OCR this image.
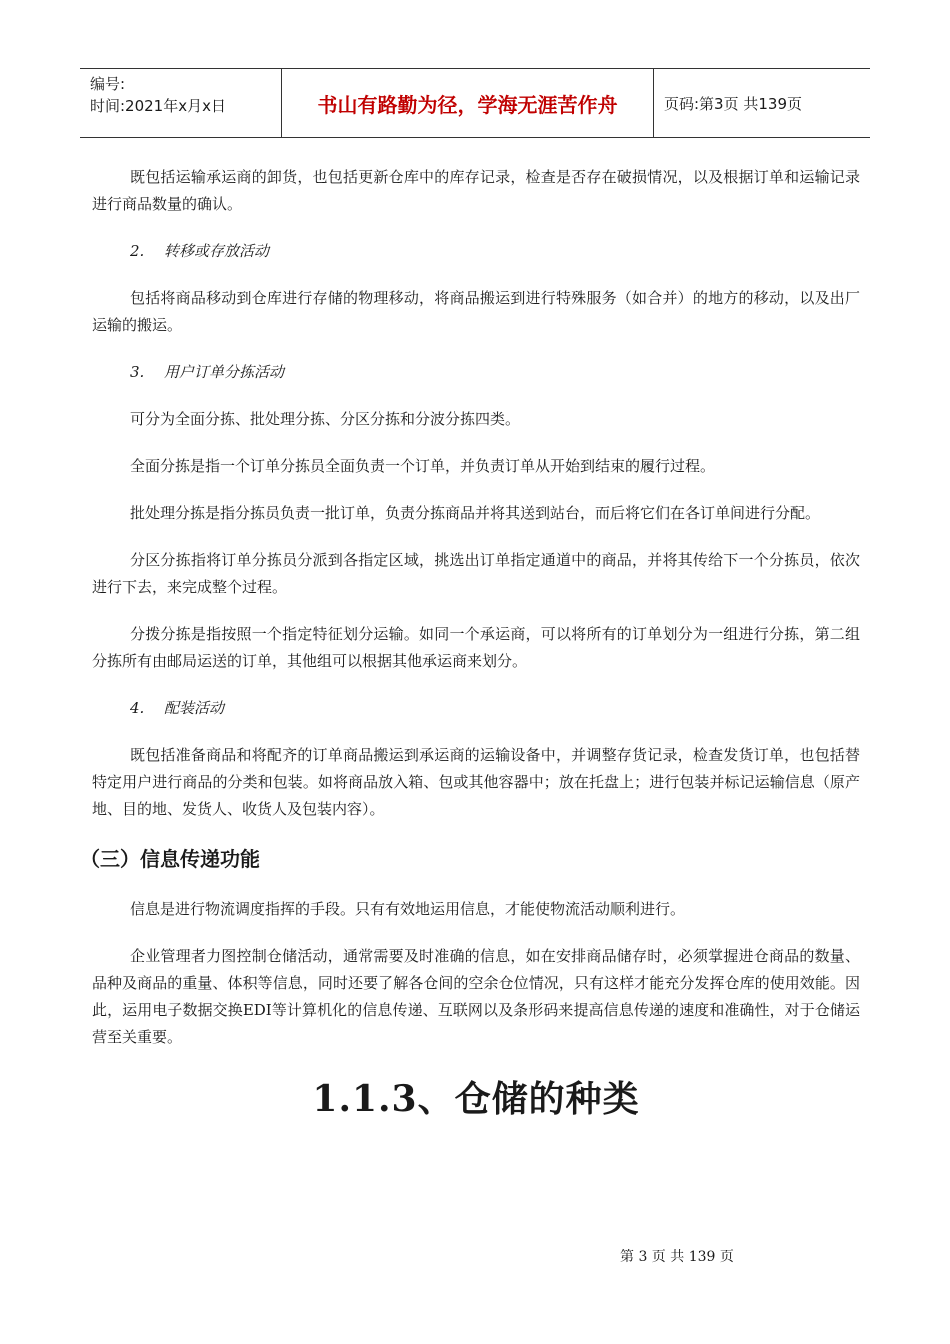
编号:
时间:2021年x月x日	书山有路勤为径，学海无涯苦作舟	页码:第3页 共139页

既包括运输承运商的卸货，也包括更新仓库中的库存记录，检查是否存在破损情况，以及根据订单和运输记录进行商品数量的确认。

2. 转移或存放活动

包括将商品移动到仓库进行存储的物理移动，将商品搬运到进行特殊服务（如合并）的地方的移动，以及出厂运输的搬运。

3. 用户订单分拣活动

可分为全面分拣、批处理分拣、分区分拣和分波分拣四类。

全面分拣是指一个订单分拣员全面负责一个订单，并负责订单从开始到结束的履行过程。

批处理分拣是指分拣员负责一批订单，负责分拣商品并将其送到站台，而后将它们在各订单间进行分配。

分区分拣指将订单分拣员分派到各指定区域，挑选出订单指定通道中的商品，并将其传给下一个分拣员，依次进行下去，来完成整个过程。

分拨分拣是指按照一个指定特征划分运输。如同一个承运商，可以将所有的订单划分为一组进行分拣，第二组分拣所有由邮局运送的订单，其他组可以根据其他承运商来划分。

4. 配装活动

既包括准备商品和将配齐的订单商品搬运到承运商的运输设备中，并调整存货记录，检查发货订单，也包括替特定用户进行商品的分类和包装。如将商品放入箱、包或其他容器中；放在托盘上；进行包装并标记运输信息（原产地、目的地、发货人、收货人及包装内容）。

（三）信息传递功能

信息是进行物流调度指挥的手段。只有有效地运用信息，才能使物流活动顺利进行。

企业管理者力图控制仓储活动，通常需要及时准确的信息，如在安排商品储存时，必须掌握进仓商品的数量、品种及商品的重量、体积等信息，同时还要了解各仓间的空余仓位情况，只有这样才能充分发挥仓库的使用效能。因此，运用电子数据交换EDI等计算机化的信息传递、互联网以及条形码来提高信息传递的速度和准确性，对于仓储运营至关重要。

1.1.3、仓储的种类
第 3 页 共 139 页
